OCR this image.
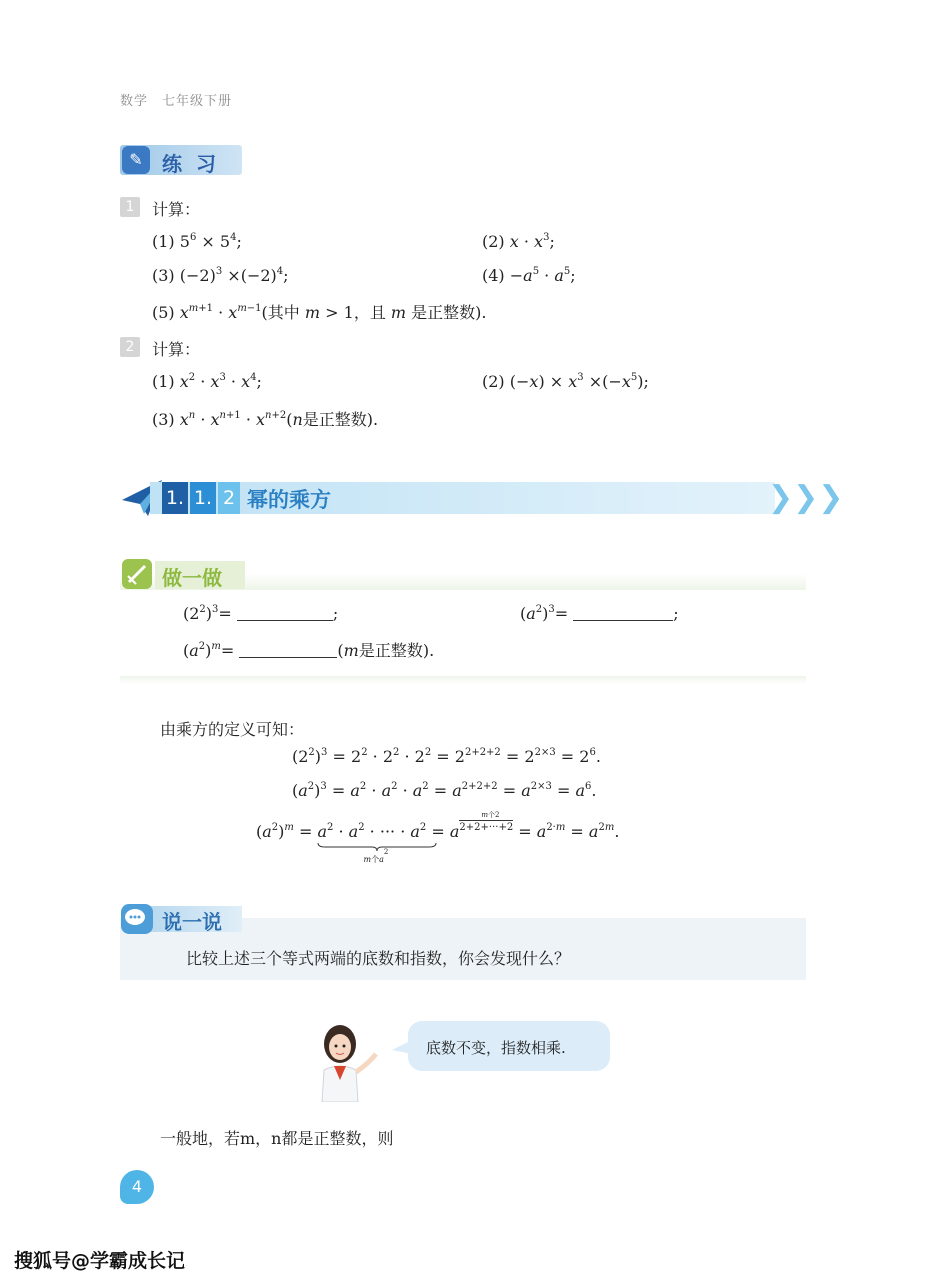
数学　七年级下册
✎ 练习
1	计算：
(1) $5^6 \times 5^4$;	(2) $x \cdot x^3$;
(3) $(-2)^3 \times(-2)^4$;	$(4) -a^5 \cdot a^5$;
(5) $x^{m+1} \cdot x^{m-1}$(其中 m > 1，且 m 是正整数).
2	计算：
(1) $x^2 \cdot x^3 \cdot x^4$;	(2) $(-x) \times x^3 \times(-x^5)$;
(3) $x^n \cdot x^{n+1} \cdot x^{n+2}(n$是正整数).
1. 1. 2 幂的乘方	❯❯❯
做一做
$(2^2)^3=$	;	$(a^2)^3=$	;
$(a^2)^m=$	(m是正整数).
由乘方的定义可知：
$(2^2)^3 = 2^2 \cdot 2^2 \cdot 2^2 = 2^{2+2+2} = 2^{2\times 3} = 2^6$.
$(a^2)^3 = a^2 \cdot a^2 \cdot a^2 = a^{2+2+2} = a^{2\times 3} = a^6$.
$(a^2)^m = a^2 \cdot a^2$ · ··· · $a^2$
m个$a^2$
= a
m个2
$2+2+\cdot\cdot\cdot+2 = a^{2\cdot m} = a^{2m}$.
说一说
比较上述三个等式两端的底数和指数，你会发现什么？
底数不变，指数相乘.
一般地，若m，n都是正整数，则
4
搜狐号@学霸成长记
